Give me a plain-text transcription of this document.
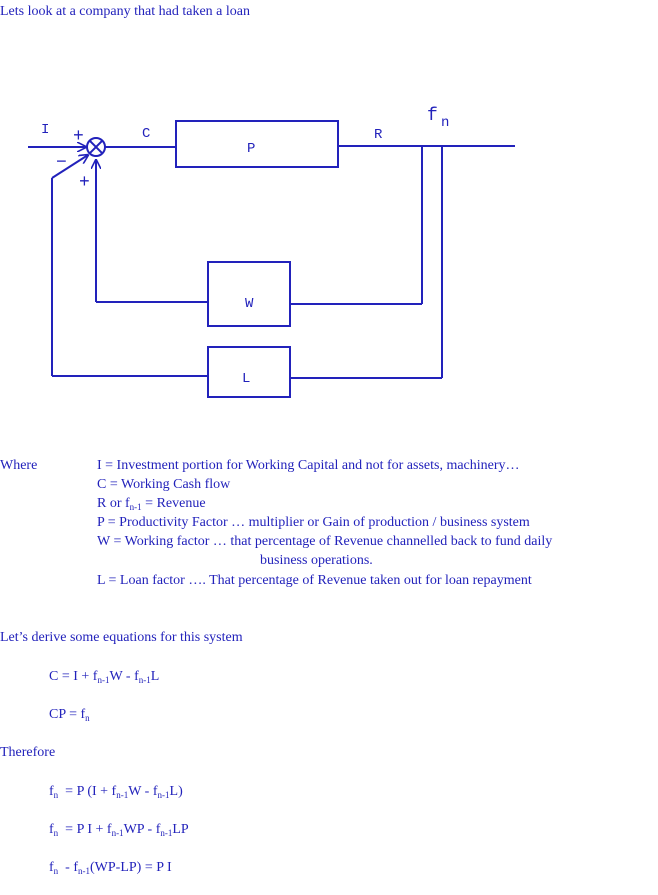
Lets look at a company that had taken a loan
I +
−
+
C
P
R
f n
W
L
Where	I = Investment portion for Working Capital and not for assets, machinery…
C = Working Cash flow
R or $f_{n-1}$ = Revenue
P = Productivity Factor … multiplier or Gain of production / business system
W = Working factor … that percentage of Revenue channelled back to fund daily
business operations.
L = Loan factor …. That percentage of Revenue taken out for loan repayment
Let’s derive some equations for this system
$C = I + f_{n-1}W - f_{n-1}L$
CP = $f_n$
Therefore
$f_n = P$ $(I + f_{n-1}W - f_{n-1}L)$
$f_n = P$ $I + f_{n-1}WP - f_{n-1}LP$
$f_n - f_{n-1}(WP-LP) = P$ I
